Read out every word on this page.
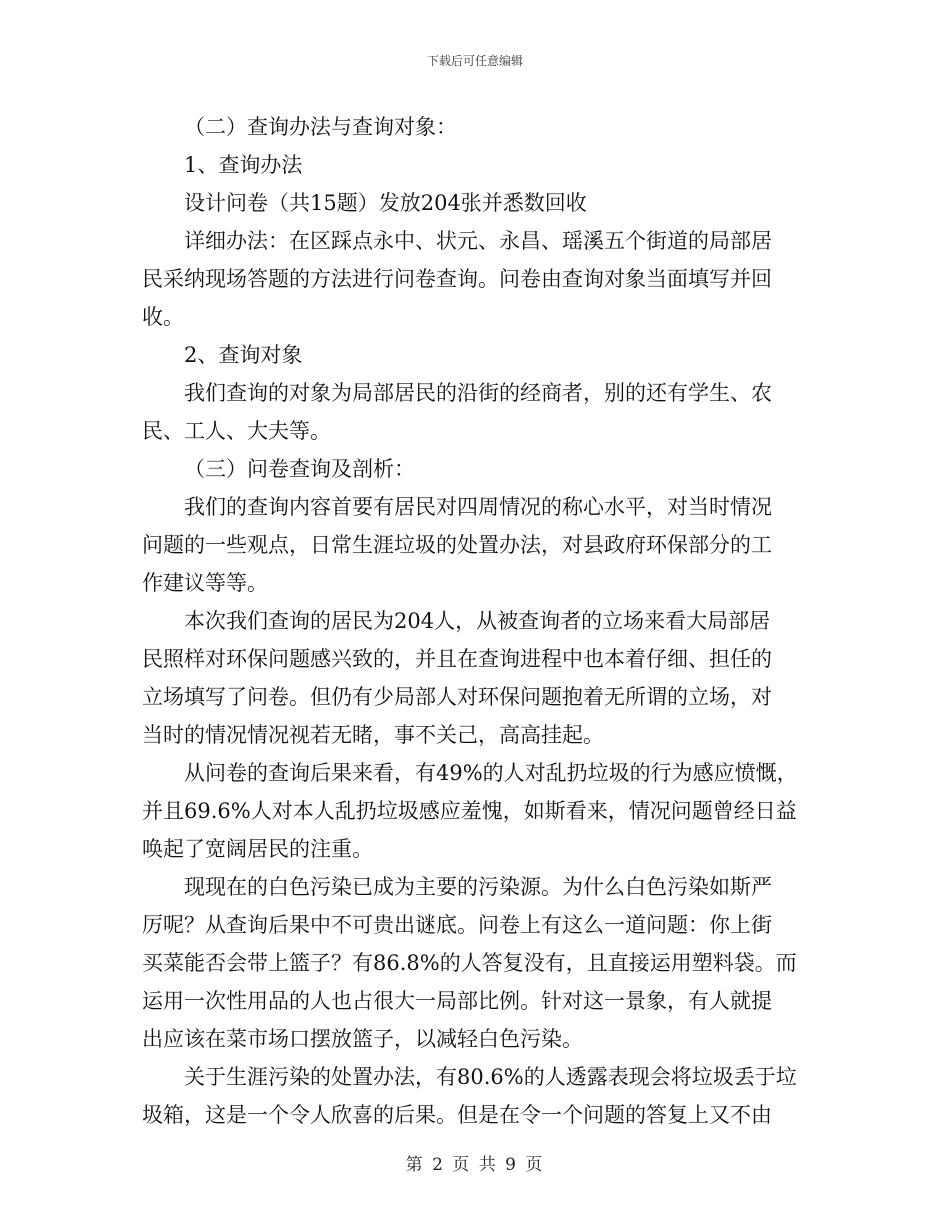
下载后可任意编辑
（二）查询办法与查询对象：
1、查询办法
设计问卷（共15题）发放204张并悉数回收
详细办法：在区踩点永中、状元、永昌、瑶溪五个街道的局部居
民采纳现场答题的方法进行问卷查询。问卷由查询对象当面填写并回
收。
2、查询对象
我们查询的对象为局部居民的沿街的经商者，别的还有学生、农
民、工人、大夫等。
（三）问卷查询及剖析：
我们的查询内容首要有居民对四周情况的称心水平，对当时情况
问题的一些观点，日常生涯垃圾的处置办法，对县政府环保部分的工
作建议等等。
本次我们查询的居民为204人，从被查询者的立场来看大局部居
民照样对环保问题感兴致的，并且在查询进程中也本着仔细、担任的
立场填写了问卷。但仍有少局部人对环保问题抱着无所谓的立场，对
当时的情况情况视若无睹，事不关己，高高挂起。
从问卷的查询后果来看，有49%的人对乱扔垃圾的行为感应愤慨，
并且69.6%人对本人乱扔垃圾感应羞愧，如斯看来，情况问题曾经日益
唤起了宽阔居民的注重。
现现在的白色污染已成为主要的污染源。为什么白色污染如斯严
厉呢？从查询后果中不可贵出谜底。问卷上有这么一道问题：你上街
买菜能否会带上篮子？有86.8%的人答复没有，且直接运用塑料袋。而
运用一次性用品的人也占很大一局部比例。针对这一景象，有人就提
出应该在菜市场口摆放篮子，以减轻白色污染。
关于生涯污染的处置办法，有80.6%的人透露表现会将垃圾丢于垃
圾箱，这是一个令人欣喜的后果。但是在令一个问题的答复上又不由
第 2 页 共 9 页
